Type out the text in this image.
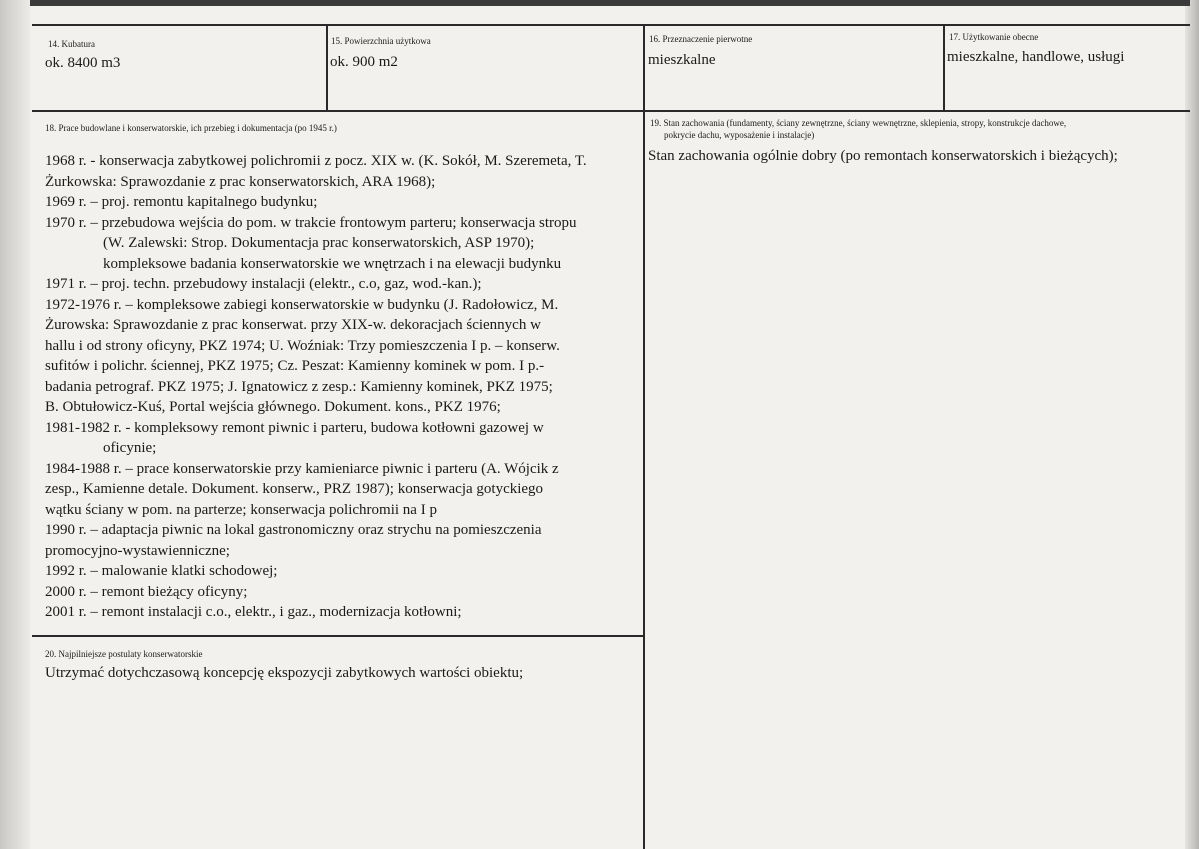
14. Kubatura
ok. 8400 m3
15. Powierzchnia użytkowa
ok. 900 m2
16. Przeznaczenie pierwotne
mieszkalne
17. Użytkowanie obecne
mieszkalne, handlowe, usługi
18. Prace budowlane i konserwatorskie, ich przebieg i dokumentacja (po 1945 r.)
1968 r. - konserwacja zabytkowej polichromii z pocz. XIX w. (K. Sokół, M. Szeremeta, T.
Żurkowska: Sprawozdanie z prac konserwatorskich, ARA 1968);
1969 r. – proj. remontu kapitalnego budynku;
1970 r. – przebudowa wejścia do pom. w trakcie frontowym parteru; konserwacja stropu
(W. Zalewski: Strop. Dokumentacja prac konserwatorskich, ASP 1970);
kompleksowe badania konserwatorskie we wnętrzach i na elewacji budynku
1971 r. – proj. techn. przebudowy instalacji (elektr., c.o, gaz, wod.-kan.);
1972-1976 r. – kompleksowe zabiegi konserwatorskie w budynku (J. Radołowicz, M.
Żurowska: Sprawozdanie z prac konserwat. przy XIX-w. dekoracjach ściennych w
hallu i od strony oficyny, PKZ 1974; U. Woźniak: Trzy pomieszczenia I p. – konserw.
sufitów i polichr. ściennej, PKZ 1975; Cz. Peszat: Kamienny kominek w pom. I p.-
badania petrograf. PKZ 1975; J. Ignatowicz z zesp.: Kamienny kominek, PKZ 1975;
B. Obtułowicz-Kuś, Portal wejścia głównego. Dokument. kons., PKZ 1976;
1981-1982 r. - kompleksowy remont piwnic i parteru, budowa kotłowni gazowej w
oficynie;
1984-1988 r. – prace konserwatorskie przy kamieniarce piwnic i parteru (A. Wójcik z
zesp., Kamienne detale. Dokument. konserw., PRZ 1987); konserwacja gotyckiego
wątku ściany w pom. na parterze; konserwacja polichromii na I p
1990 r. – adaptacja piwnic na lokal gastronomiczny oraz strychu na pomieszczenia
promocyjno-wystawienniczne;
1992 r. – malowanie klatki schodowej;
2000 r. – remont bieżący oficyny;
2001 r. – remont instalacji c.o., elektr., i gaz., modernizacja kotłowni;
19. Stan zachowania (fundamenty, ściany zewnętrzne, ściany wewnętrzne, sklepienia, stropy, konstrukcje dachowe,
pokrycie dachu, wyposażenie i instalacje)
Stan zachowania ogólnie dobry (po remontach konserwatorskich i bieżących);
20. Najpilniejsze postulaty konserwatorskie
Utrzymać dotychczasową koncepcję ekspozycji zabytkowych wartości obiektu;
